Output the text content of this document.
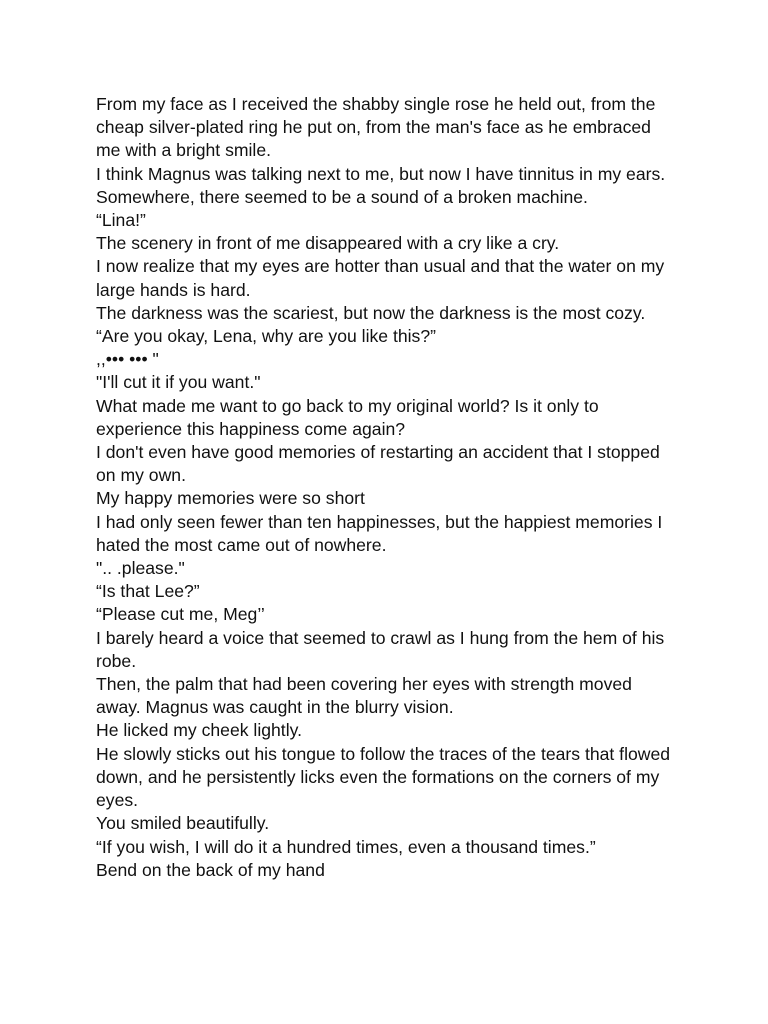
From my face as I received the shabby single rose he held out, from the cheap silver-plated ring he put on, from the man's face as he embraced me with a bright smile.

I think Magnus was talking next to me, but now I have tinnitus in my ears.

Somewhere, there seemed to be a sound of a broken machine.

“Lina!”

The scenery in front of me disappeared with a cry like a cry.

I now realize that my eyes are hotter than usual and that the water on my large hands is hard.

The darkness was the scariest, but now the darkness is the most cozy.

“Are you okay, Lena, why are you like this?”

,,••• ••• "

"I'll cut it if you want."

What made me want to go back to my original world? Is it only to experience this happiness come again?

I don't even have good memories of restarting an accident that I stopped on my own.

My happy memories were so short

I had only seen fewer than ten happinesses, but the happiest memories I hated the most came out of nowhere.

".. .please."

“Is that Lee?”

“Please cut me, Meg’’

I barely heard a voice that seemed to crawl as I hung from the hem of his robe.

Then, the palm that had been covering her eyes with strength moved away. Magnus was caught in the blurry vision.

He licked my cheek lightly.

He slowly sticks out his tongue to follow the traces of the tears that flowed down, and he persistently licks even the formations on the corners of my eyes.

You smiled beautifully.

“If you wish, I will do it a hundred times, even a thousand times.”

Bend on the back of my hand
